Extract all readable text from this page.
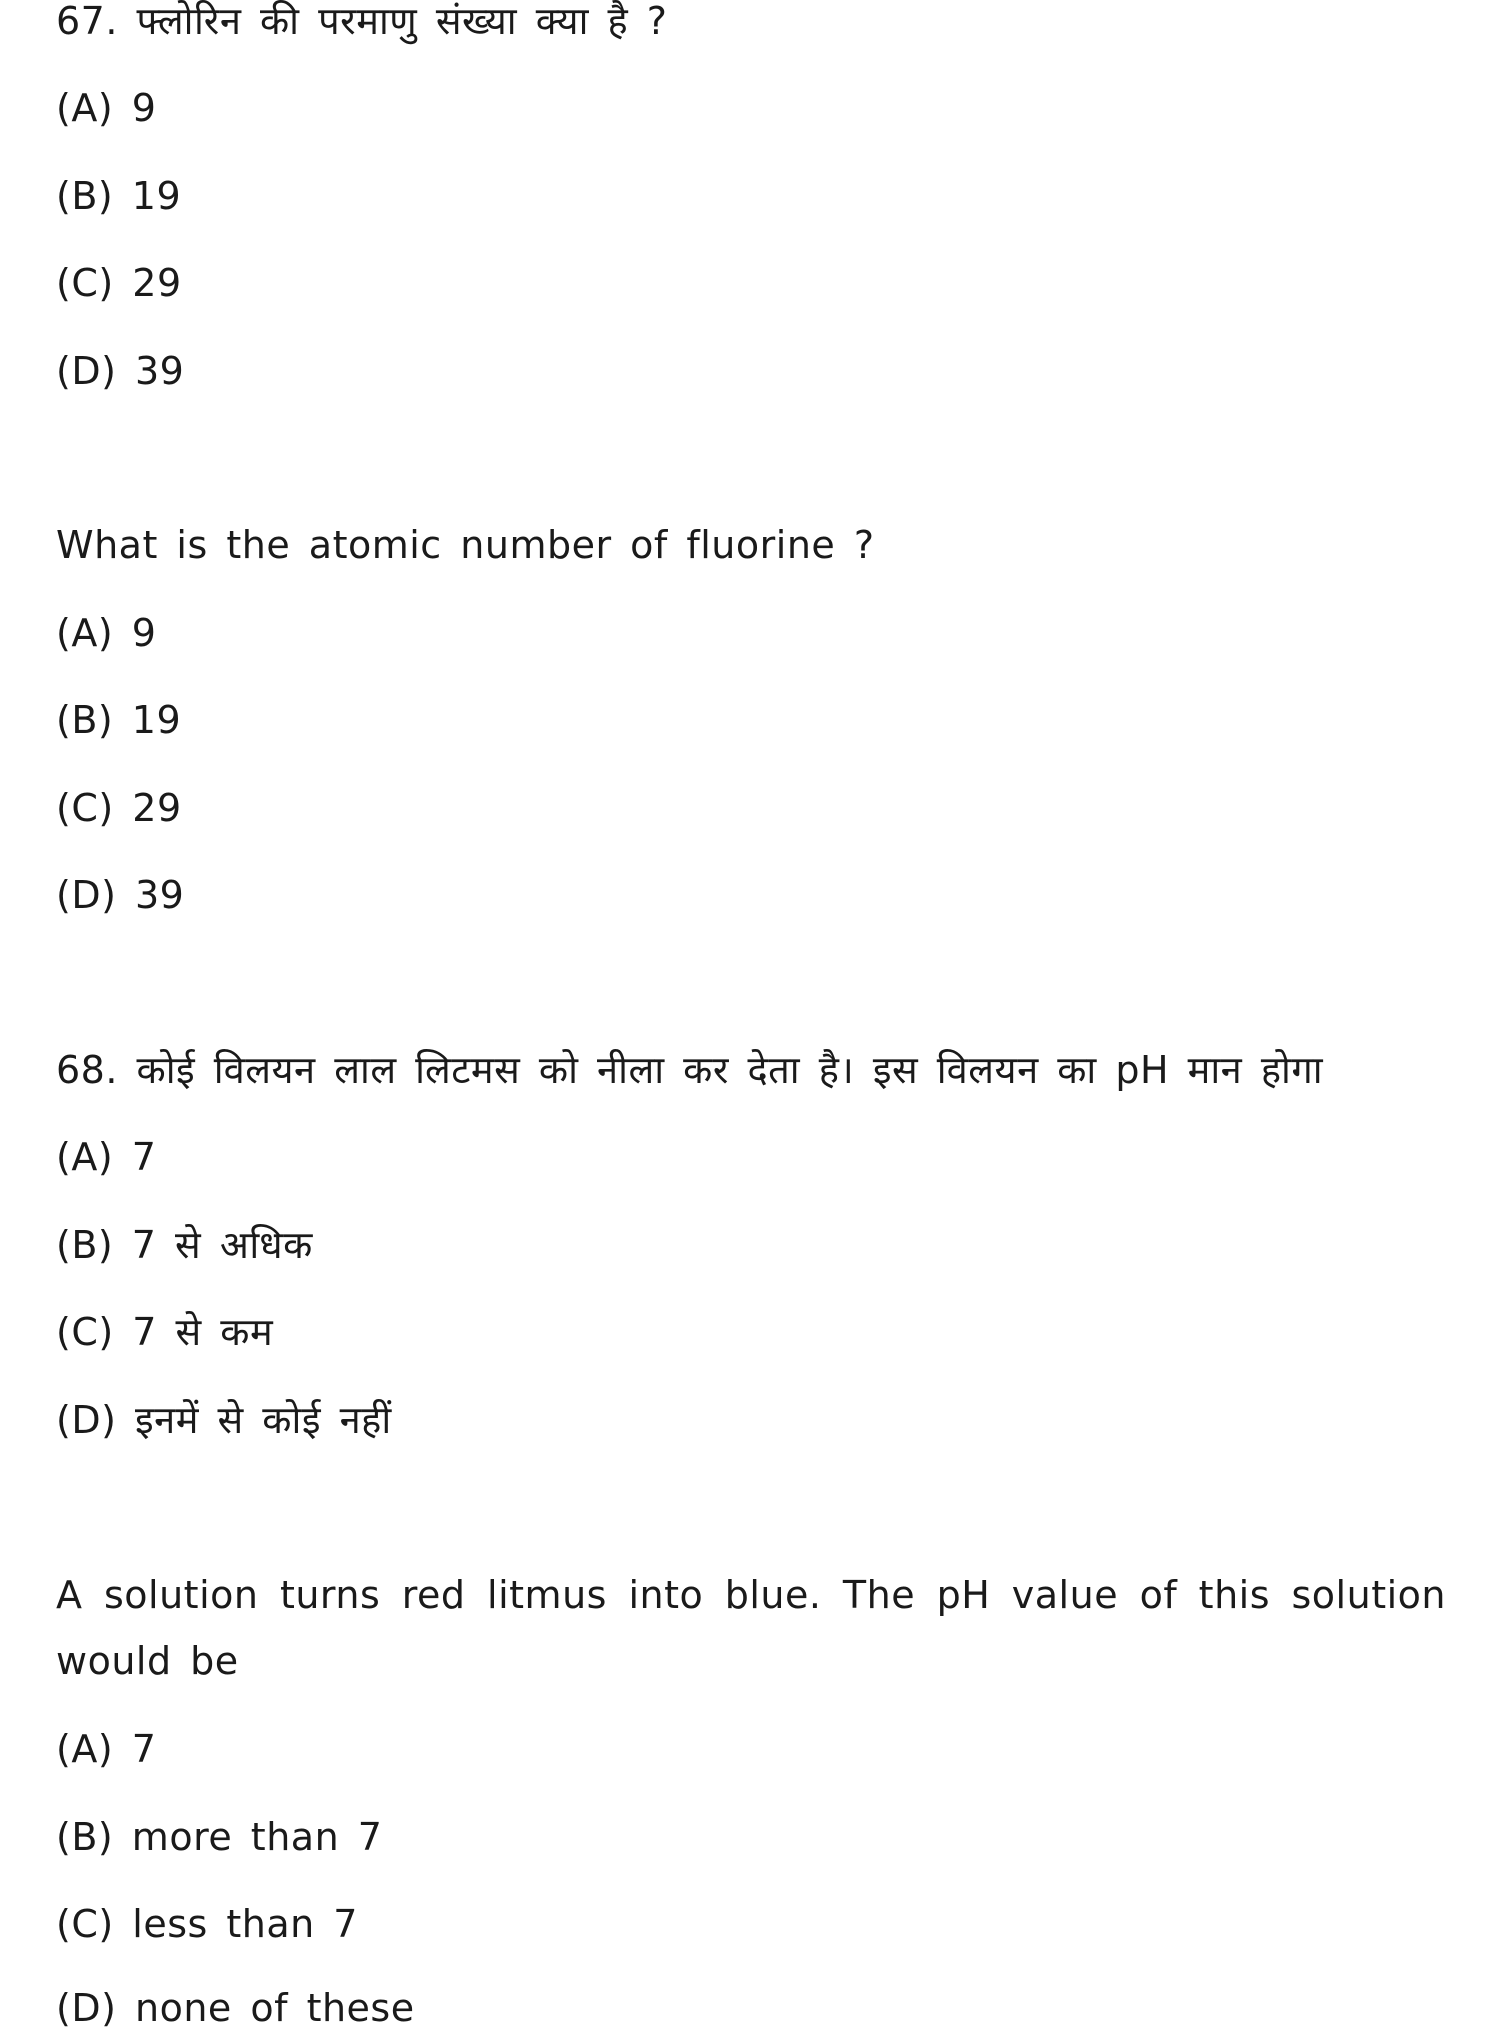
67. फ्लोरिन की परमाणु संख्या क्या है ?
(A) 9
(B) 19
(C) 29
(D) 39
What is the atomic number of fluorine ?
(A) 9
(B) 19
(C) 29
(D) 39
68. कोई विलयन लाल लिटमस को नीला कर देता है। इस विलयन का pH मान होगा
(A) 7
(B) 7 से अधिक
(C) 7 से कम
(D) इनमें से कोई नहीं
A solution turns red litmus into blue. The pH value of this solution would be
(A) 7
(B) more than 7
(C) less than 7
(D) none of these
